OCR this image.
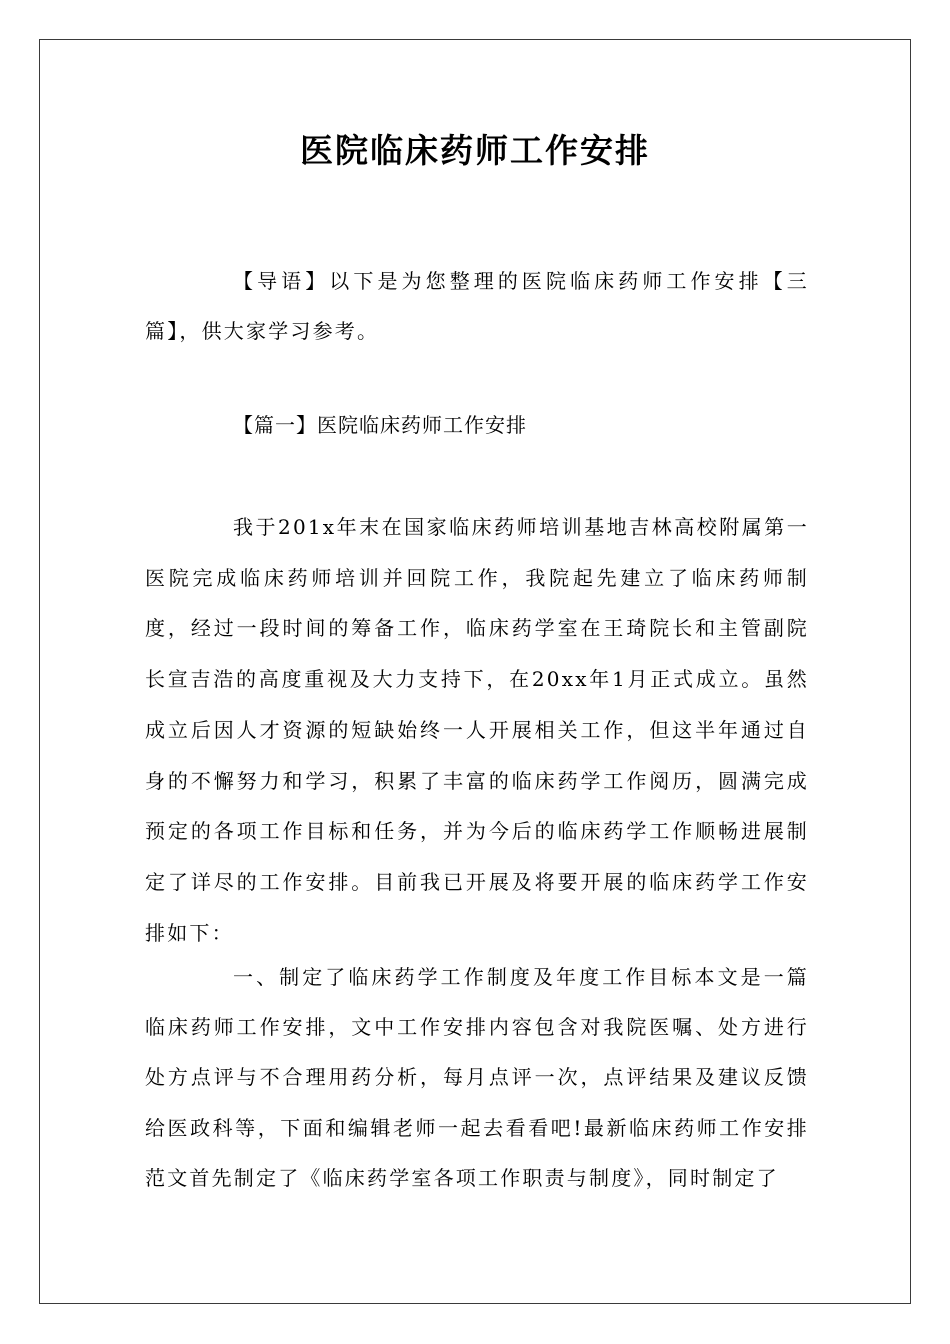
医院临床药师工作安排

【导语】以下是为您整理的医院临床药师工作安排【三篇】，供大家学习参考。

【篇一】医院临床药师工作安排

我于201x年末在国家临床药师培训基地吉林高校附属第一医院完成临床药师培训并回院工作，我院起先建立了临床药师制度，经过一段时间的筹备工作，临床药学室在王琦院长和主管副院长宣吉浩的高度重视及大力支持下，在20xx年1月正式成立。虽然成立后因人才资源的短缺始终一人开展相关工作，但这半年通过自身的不懈努力和学习，积累了丰富的临床药学工作阅历，圆满完成预定的各项工作目标和任务，并为今后的临床药学工作顺畅进展制定了详尽的工作安排。目前我已开展及将要开展的临床药学工作安排如下：

一、制定了临床药学工作制度及年度工作目标本文是一篇临床药师工作安排，文中工作安排内容包含对我院医嘱、处方进行处方点评与不合理用药分析，每月点评一次，点评结果及建议反馈给医政科等，下面和编辑老师一起去看看吧!最新临床药师工作安排范文首先制定了《临床药学室各项工作职责与制度》，同时制定了
